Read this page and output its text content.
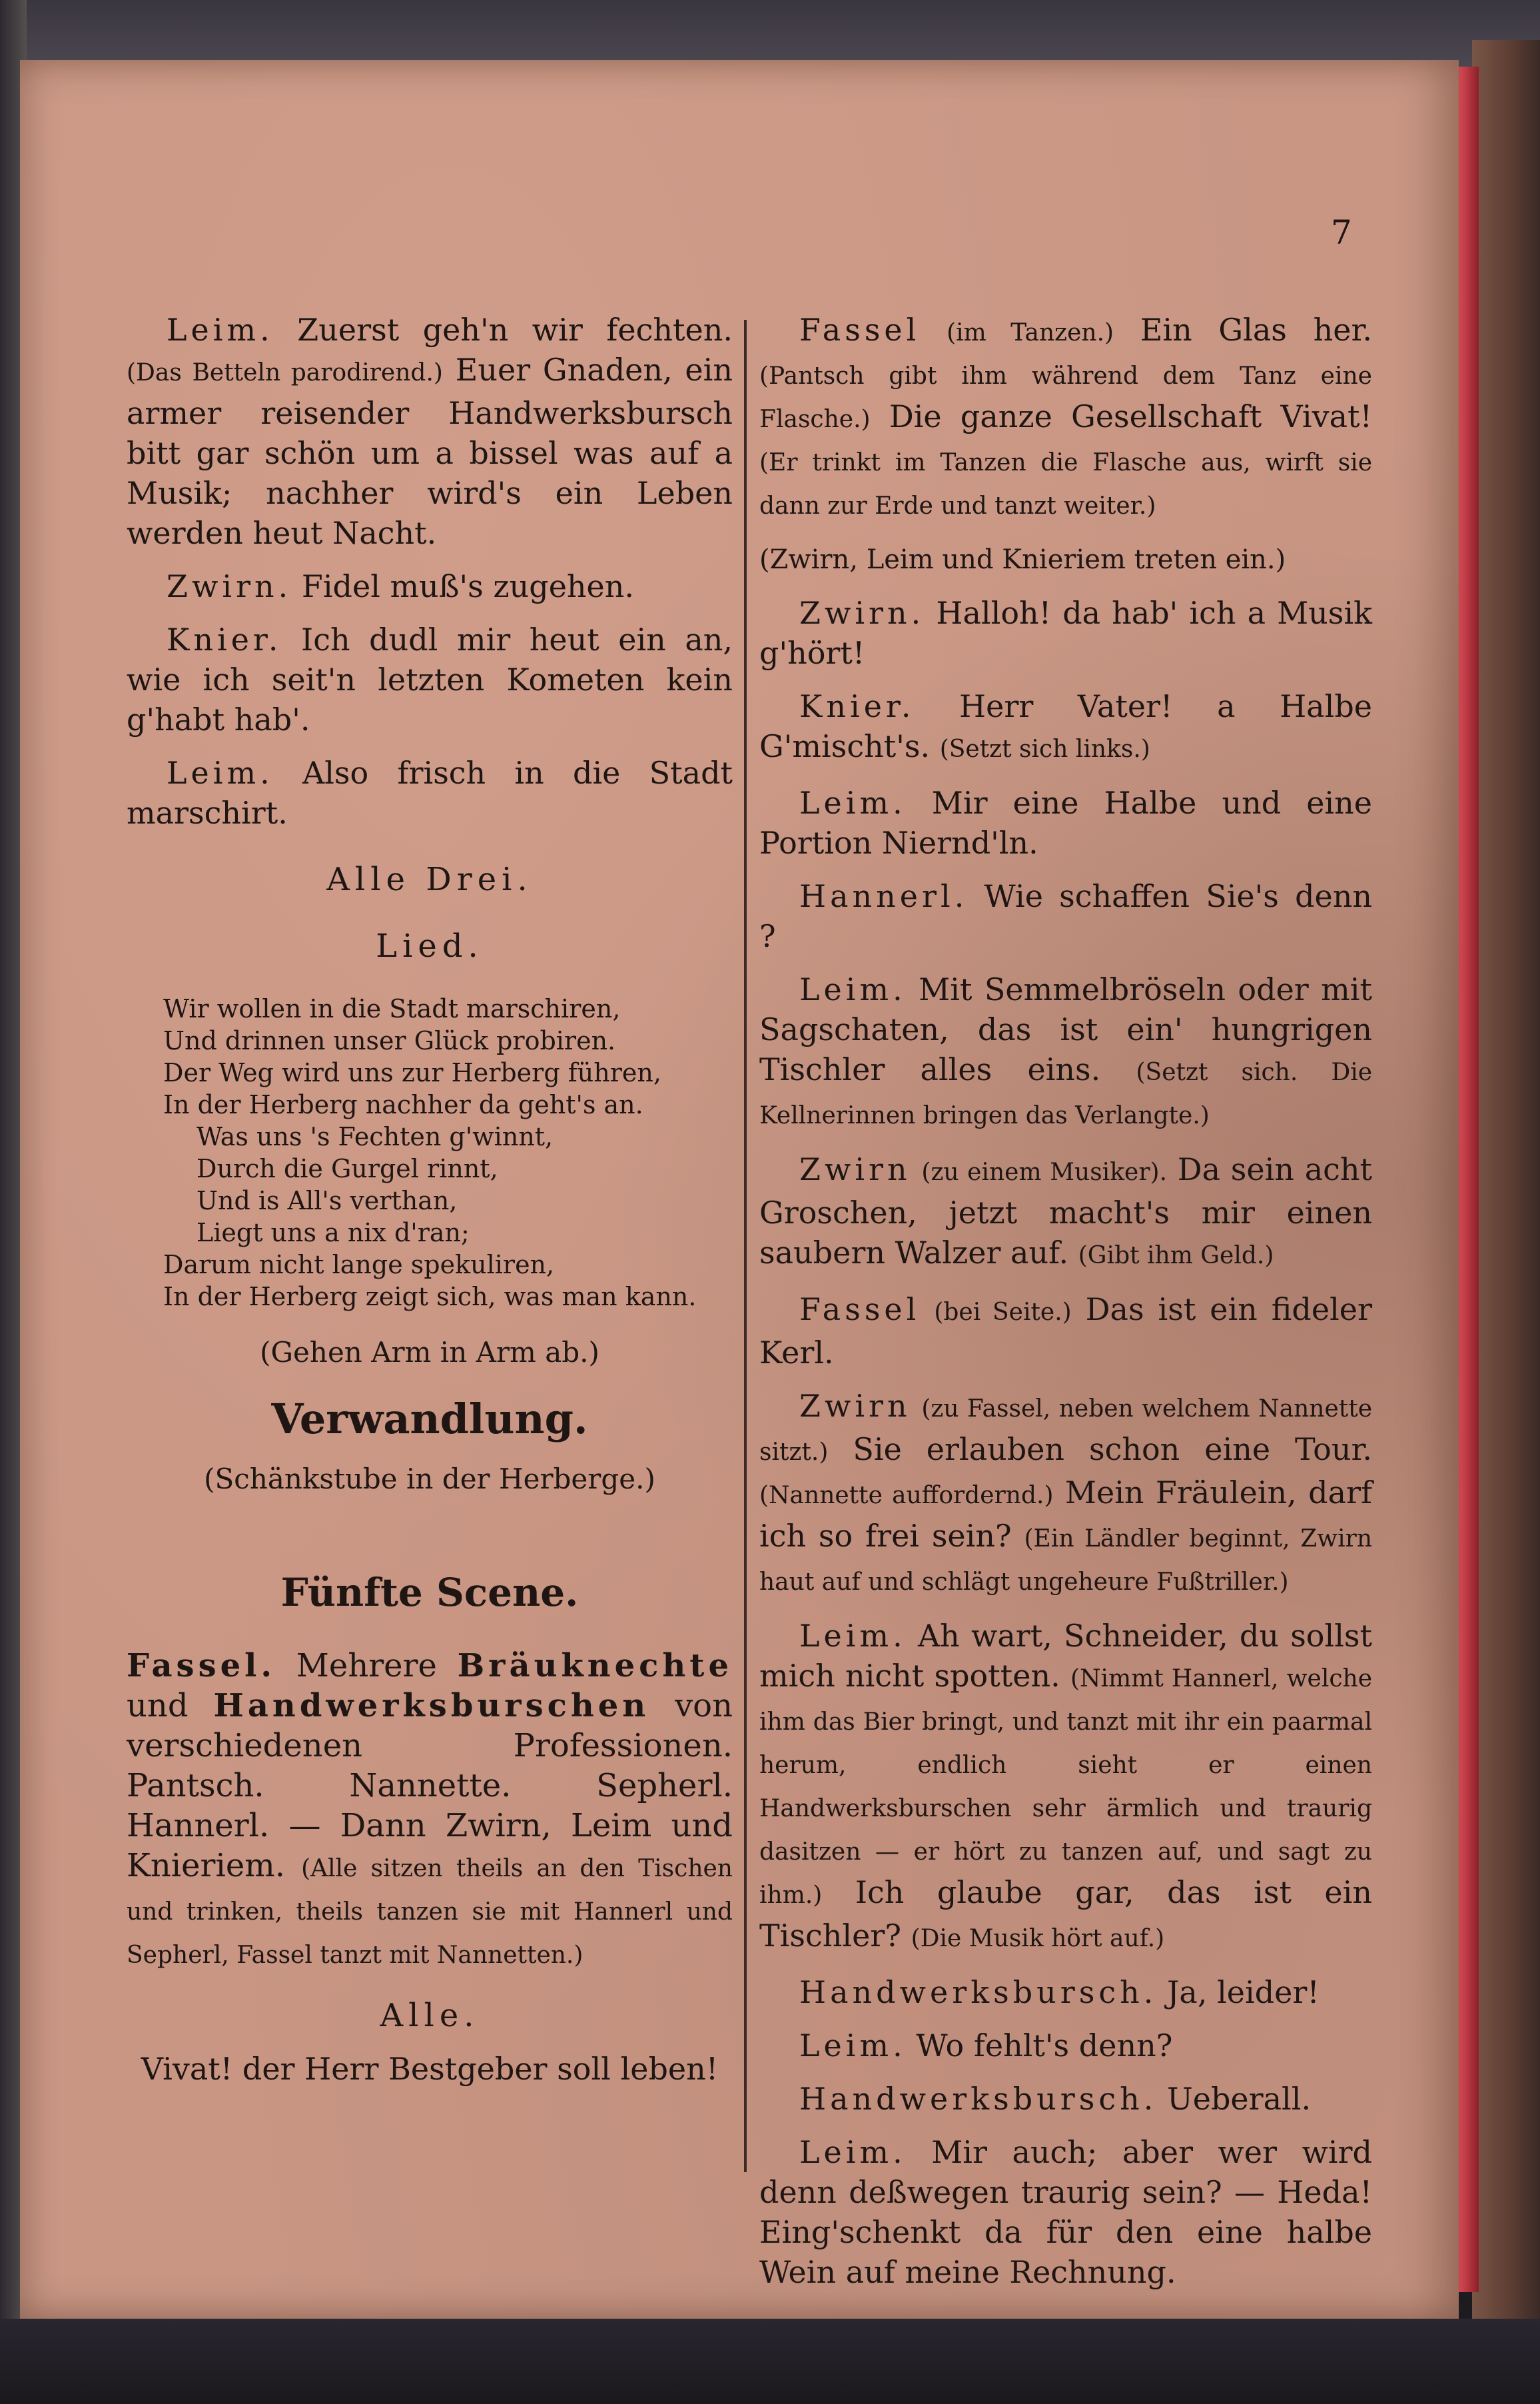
7

Leim. Zuerst geh'n wir fechten. (Das Betteln parodirend.) Euer Gnaden, ein armer reisender Handwerksbursch bitt gar schön um a bissel was auf a Musik; nachher wird's ein Leben werden heut Nacht.

Zwirn. Fidel muß's zugehen.

Knier. Ich dudl mir heut ein an, wie ich seit'n letzten Kometen kein g'habt hab'.

Leim. Also frisch in die Stadt marschirt.

Alle Drei.
Lied.
Wir wollen in die Stadt marschiren,
Und drinnen unser Glück probiren.
Der Weg wird uns zur Herberg führen,
In der Herberg nachher da geht's an.
Was uns 's Fechten g'winnt,
Durch die Gurgel rinnt,
Und is All's verthan,
Liegt uns a nix d'ran;
Darum nicht lange spekuliren,
In der Herberg zeigt sich, was man kann.

(Gehen Arm in Arm ab.)

Verwandlung.

(Schänkstube in der Herberge.)

Fünfte Scene.

Fassel. Mehrere Bräuknechte und Handwerksburschen von verschiedenen Professionen. Pantsch. Nannette. Sepherl. Hannerl. — Dann Zwirn, Leim und Knieriem. (Alle sitzen theils an den Tischen und trinken, theils tanzen sie mit Hannerl und Sepherl, Fassel tanzt mit Nannetten.)

Alle.

Vivat! der Herr Bestgeber soll leben!

Fassel (im Tanzen.) Ein Glas her. (Pantsch gibt ihm während dem Tanz eine Flasche.) Die ganze Gesellschaft Vivat! (Er trinkt im Tanzen die Flasche aus, wirft sie dann zur Erde und tanzt weiter.)

(Zwirn, Leim und Knieriem treten ein.)

Zwirn. Halloh! da hab' ich a Musik g'hört!

Knier. Herr Vater! a Halbe G'mischt's. (Setzt sich links.)

Leim. Mir eine Halbe und eine Portion Niernd'ln.

Hannerl. Wie schaffen Sie's denn ?

Leim. Mit Semmelbröseln oder mit Sagschaten, das ist ein' hungrigen Tischler alles eins. (Setzt sich. Die Kellnerinnen bringen das Verlangte.)

Zwirn (zu einem Musiker). Da sein acht Groschen, jetzt macht's mir einen saubern Walzer auf. (Gibt ihm Geld.)

Fassel (bei Seite.) Das ist ein fideler Kerl.

Zwirn (zu Fassel, neben welchem Nannette sitzt.) Sie erlauben schon eine Tour. (Nannette auffordernd.) Mein Fräulein, darf ich so frei sein? (Ein Ländler beginnt, Zwirn haut auf und schlägt ungeheure Fußtriller.)

Leim. Ah wart, Schneider, du sollst mich nicht spotten. (Nimmt Hannerl, welche ihm das Bier bringt, und tanzt mit ihr ein paarmal herum, endlich sieht er einen Handwerksburschen sehr ärmlich und traurig dasitzen — er hört zu tanzen auf, und sagt zu ihm.) Ich glaube gar, das ist ein Tischler? (Die Musik hört auf.)

Handwerksbursch. Ja, leider!

Leim. Wo fehlt's denn?

Handwerksbursch. Ueberall.

Leim. Mir auch; aber wer wird denn deßwegen traurig sein? — Heda! Eing'schenkt da für den eine halbe Wein auf meine Rechnung.
